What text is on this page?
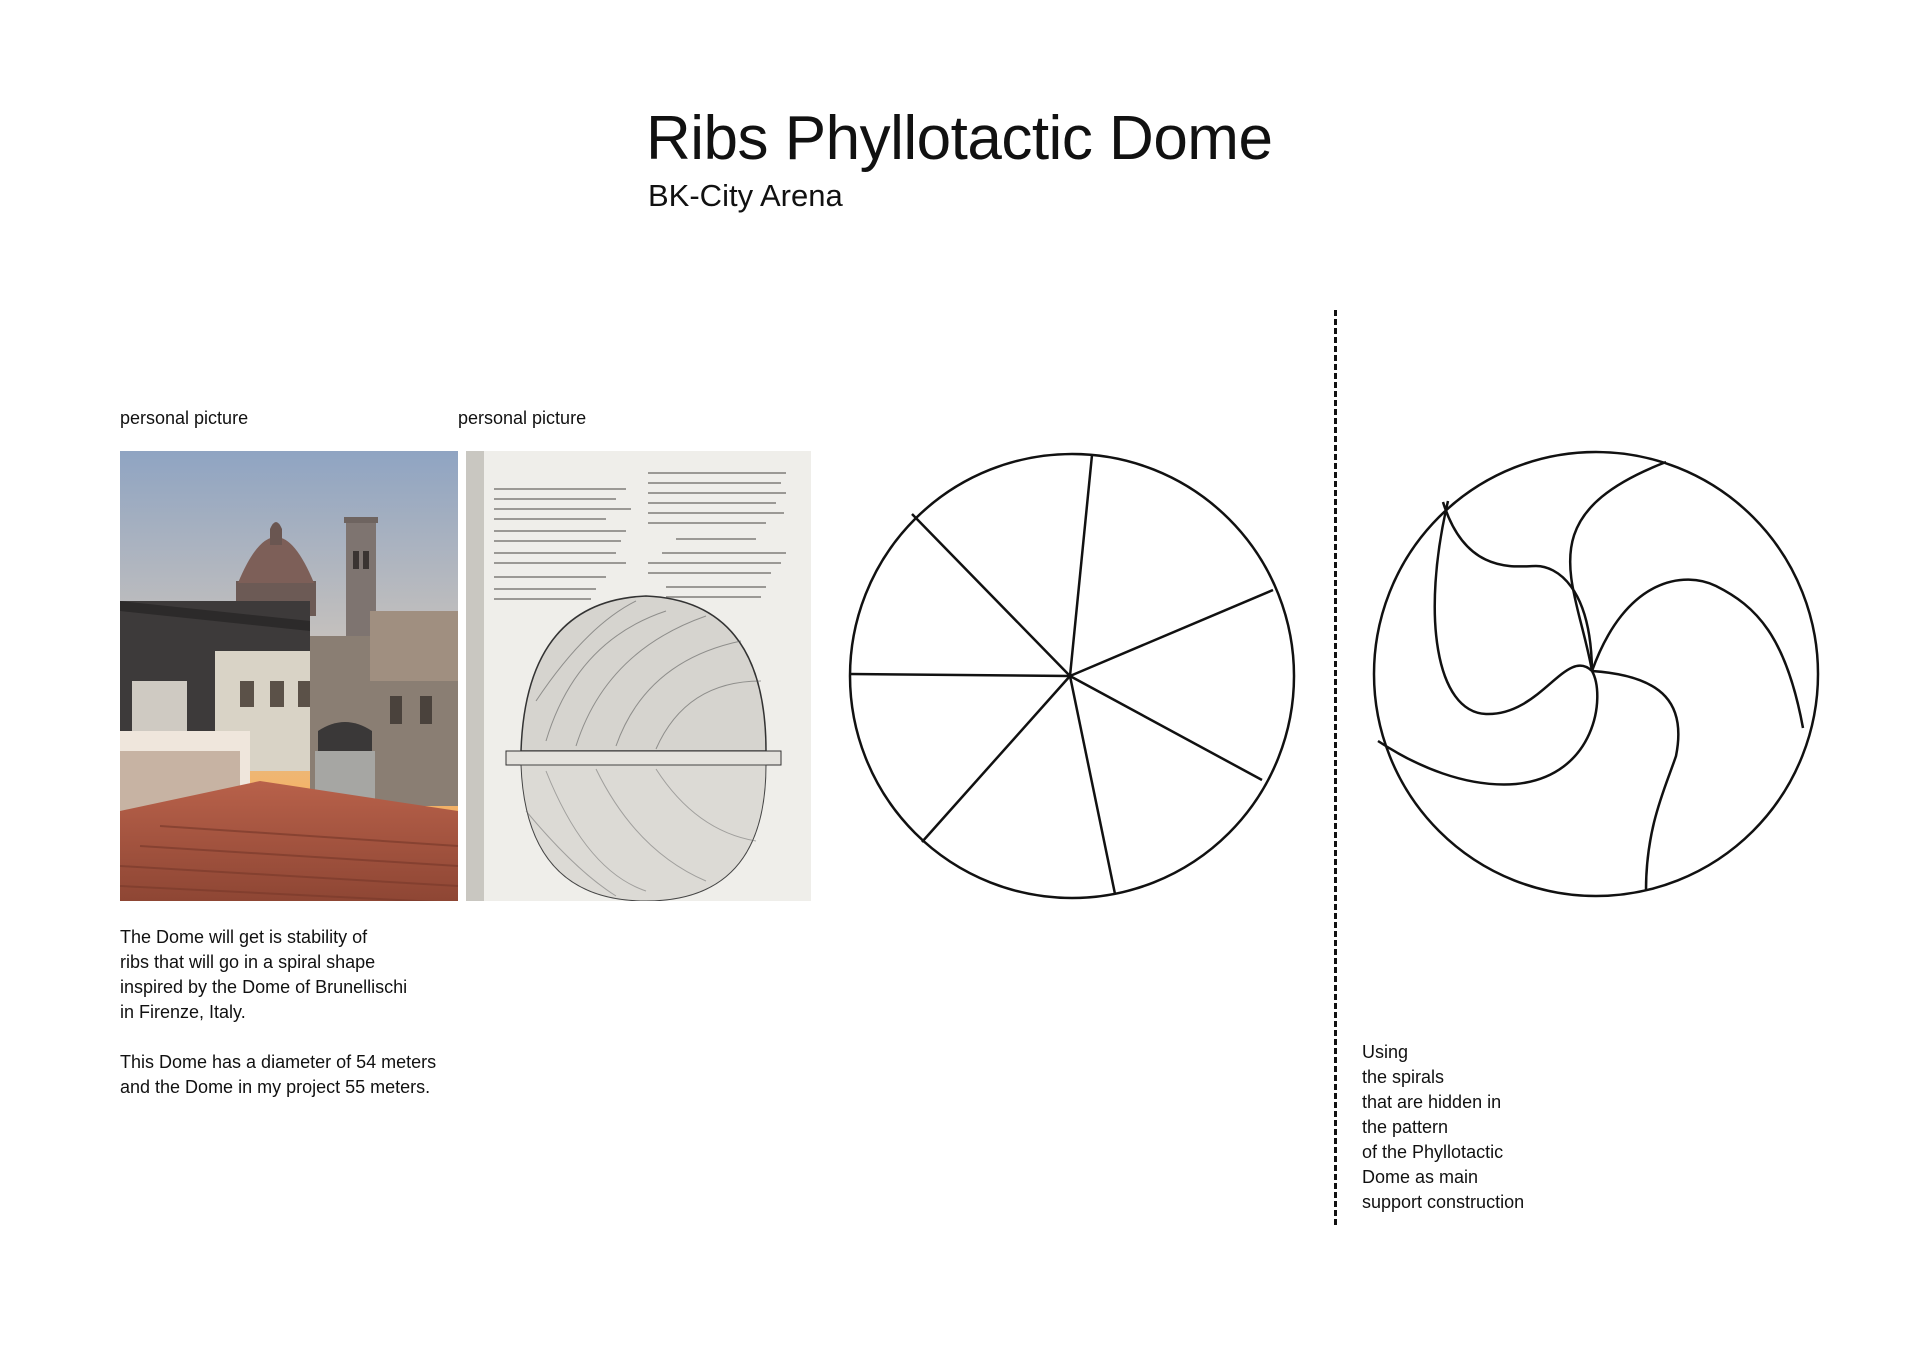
Ribs Phyllotactic Dome
BK-City Arena
personal picture	personal picture
The Dome will get is stability of
ribs that will go in a spiral shape
inspired by the Dome of Brunellischi
in Firenze, Italy.
This Dome has a diameter of 54 meters
and the Dome in my project 55 meters.
Using
the spirals
that are hidden in
the pattern
of the Phyllotactic
Dome as main
support construction
